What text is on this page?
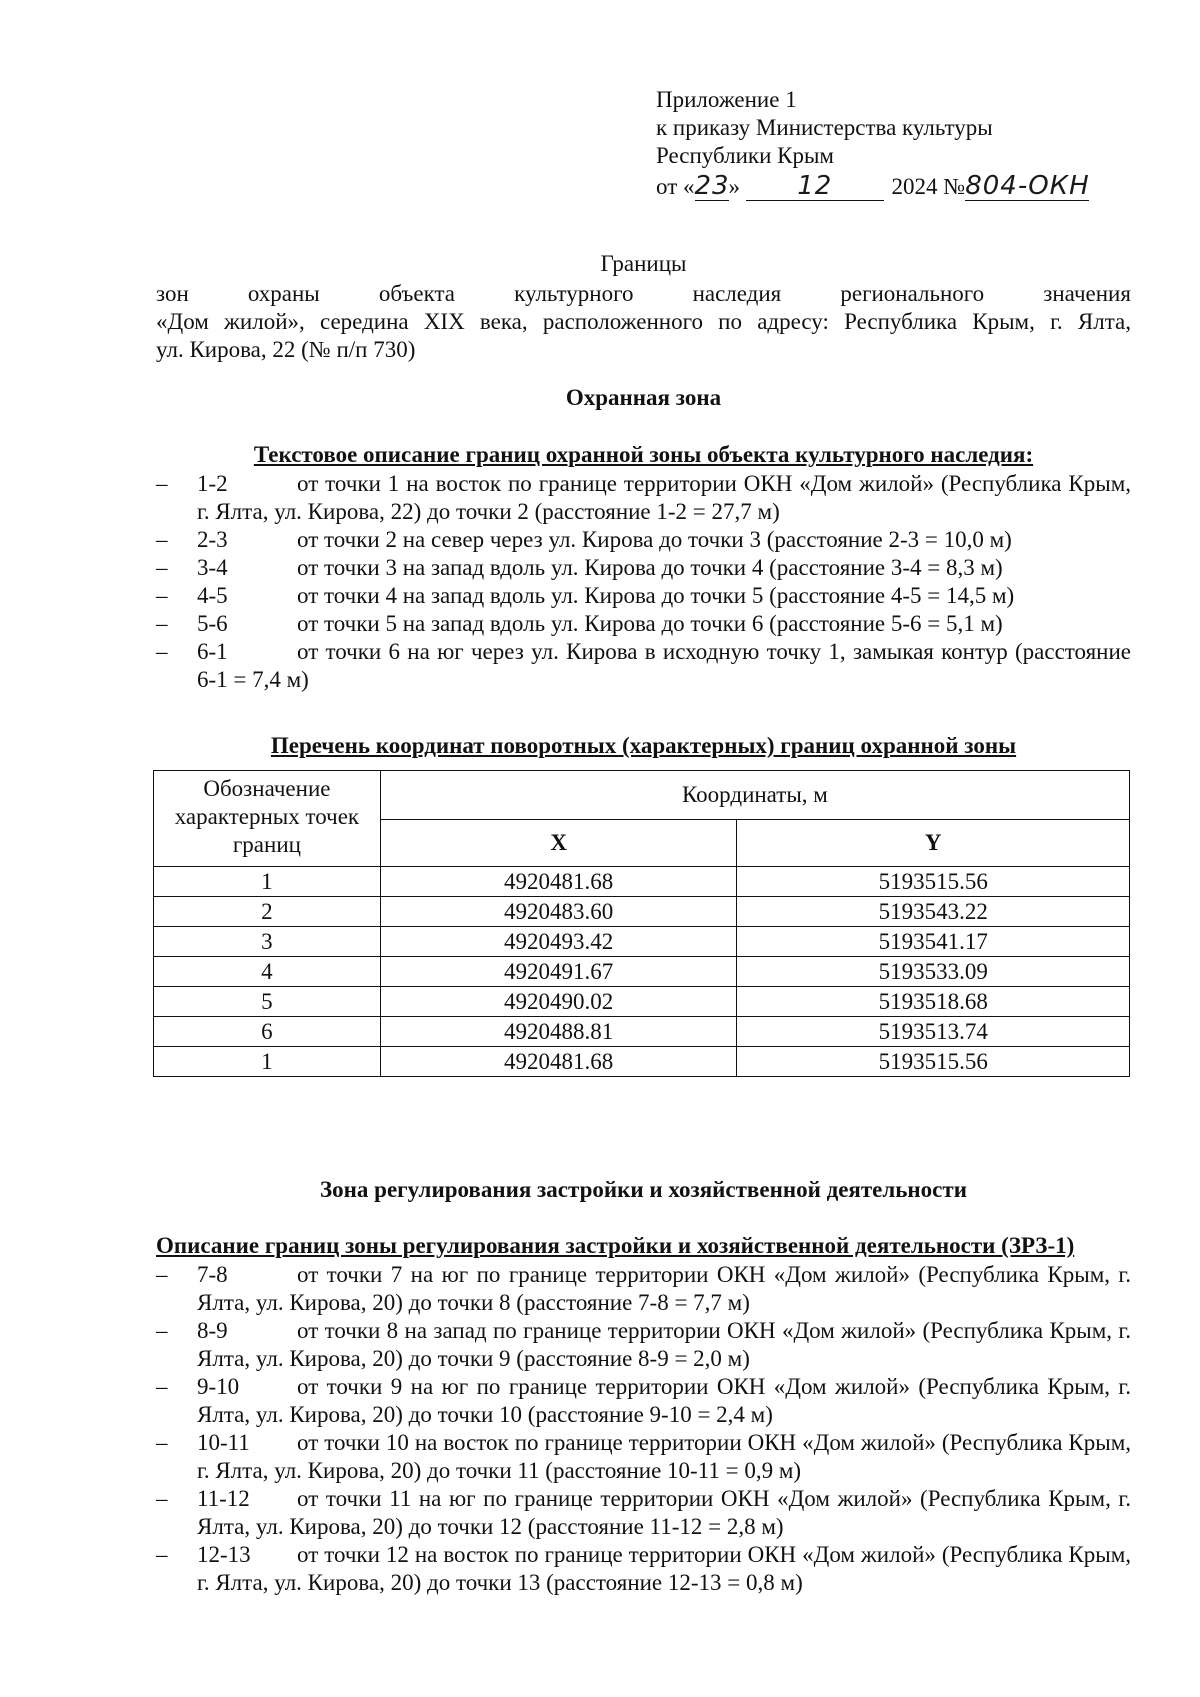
Приложение 1
к приказу Министерства культуры
Республики Крым
от «23» 12	2024 №804-ОКН
Границы
зон	охраны	объекта	культурного	наследия	регионального	значения
«Дом жилой», середина XIX века, расположенного по адресу: Республика Крым, г. Ялта,
ул. Кирова, 22 (№ п/п 730)
Охранная зона
Текстовое описание границ охранной зоны объекта культурного наследия:
– 1-2	от точки 1 на восток по границе территории ОКН «Дом жилой» (Республика Крым, г. Ялта, ул. Кирова, 22) до точки 2 (расстояние 1-2 = 27,7 м)
– 2-3	от точки 2 на север через ул. Кирова до точки 3 (расстояние 2-3 = 10,0 м)
– 3-4	от точки 3 на запад вдоль ул. Кирова до точки 4 (расстояние 3-4 = 8,3 м)
– 4-5	от точки 4 на запад вдоль ул. Кирова до точки 5 (расстояние 4-5 = 14,5 м)
– 5-6	от точки 5 на запад вдоль ул. Кирова до точки 6 (расстояние 5-6 = 5,1 м)
– 6-1	от точки 6 на юг через ул. Кирова в исходную точку 1, замыкая контур (расстояние 6-1 = 7,4 м)
Перечень координат поворотных (характерных) границ охранной зоны
Обозначение характерных точек границ	Координаты, м	
	X	Y
1	4920481.68	5193515.56
2	4920483.60	5193543.22
3	4920493.42	5193541.17
4	4920491.67	5193533.09
5	4920490.02	5193518.68
6	4920488.81	5193513.74
1	4920481.68	5193515.56
Зона регулирования застройки и хозяйственной деятельности
Описание границ зоны регулирования застройки и хозяйственной деятельности (ЗРЗ-1)
– 7-8	от точки 7 на юг по границе территории ОКН «Дом жилой» (Республика Крым, г. Ялта, ул. Кирова, 20) до точки 8 (расстояние 7-8 = 7,7 м)
– 8-9	от точки 8 на запад по границе территории ОКН «Дом жилой» (Республика Крым, г. Ялта, ул. Кирова, 20) до точки 9 (расстояние 8-9 = 2,0 м)
– 9-10	от точки 9 на юг по границе территории ОКН «Дом жилой» (Республика Крым, г. Ялта, ул. Кирова, 20) до точки 10 (расстояние 9-10 = 2,4 м)
– 10-11 от точки 10 на восток по границе территории ОКН «Дом жилой» (Республика Крым, г. Ялта, ул. Кирова, 20) до точки 11 (расстояние 10-11 = 0,9 м)
– 11-12 от точки 11 на юг по границе территории ОКН «Дом жилой» (Республика Крым, г. Ялта, ул. Кирова, 20) до точки 12 (расстояние 11-12 = 2,8 м)
– 12-13 от точки 12 на восток по границе территории ОКН «Дом жилой» (Республика Крым, г. Ялта, ул. Кирова, 20) до точки 13 (расстояние 12-13 = 0,8 м)
